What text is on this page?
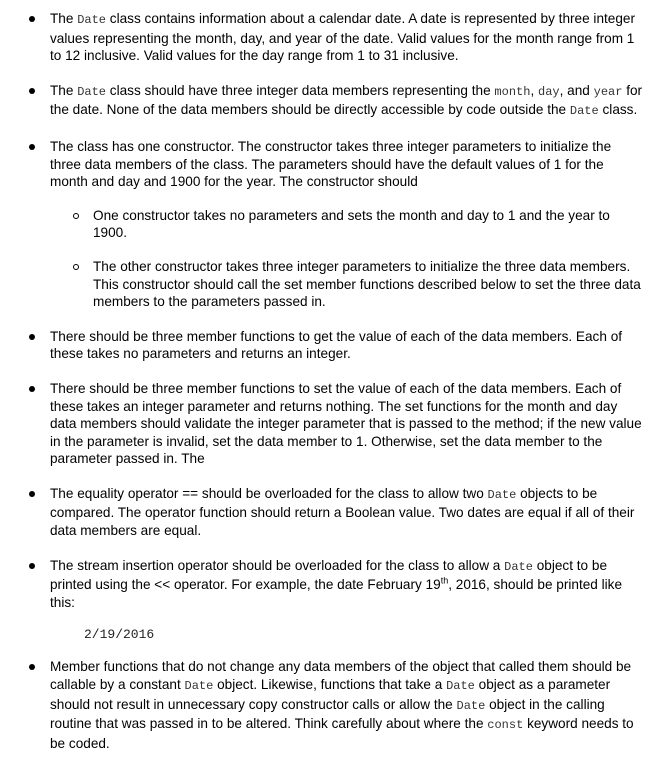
The Date class contains information about a calendar date. A date is represented by three integer values representing the month, day, and year of the date. Valid values for the month range from 1 to 12 inclusive. Valid values for the day range from 1 to 31 inclusive.
The Date class should have three integer data members representing the month, day, and year for the date. None of the data members should be directly accessible by code outside the Date class.
The class has one constructor. The constructor takes three integer parameters to initialize the three data members of the class. The parameters should have the default values of 1 for the month and day and 1900 for the year. The constructor should
One constructor takes no parameters and sets the month and day to 1 and the year to 1900.
The other constructor takes three integer parameters to initialize the three data members. This constructor should call the set member functions described below to set the three data members to the parameters passed in.
There should be three member functions to get the value of each of the data members. Each of these takes no parameters and returns an integer.
There should be three member functions to set the value of each of the data members. Each of these takes an integer parameter and returns nothing. The set functions for the month and day data members should validate the integer parameter that is passed to the method; if the new value in the parameter is invalid, set the data member to 1. Otherwise, set the data member to the parameter passed in. The
The equality operator == should be overloaded for the class to allow two Date objects to be compared. The operator function should return a Boolean value. Two dates are equal if all of their data members are equal.
The stream insertion operator should be overloaded for the class to allow a Date object to be printed using the << operator. For example, the date February 19th, 2016, should be printed like this:
2/19/2016
Member functions that do not change any data members of the object that called them should be callable by a constant Date object. Likewise, functions that take a Date object as a parameter should not result in unnecessary copy constructor calls or allow the Date object in the calling routine that was passed in to be altered. Think carefully about where the const keyword needs to be coded.
